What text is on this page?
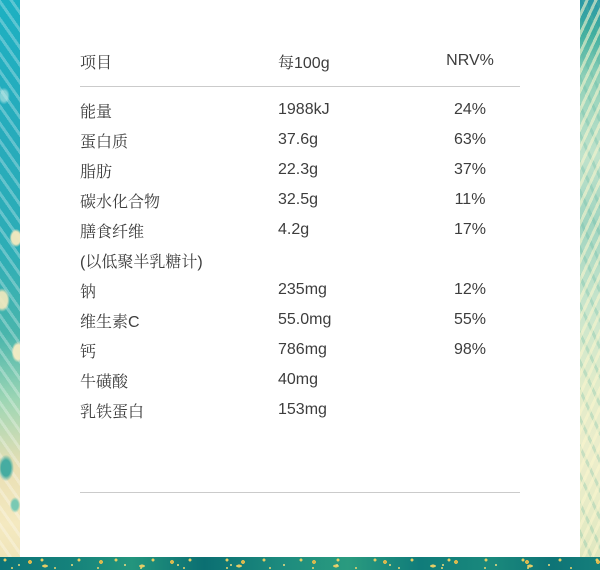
项目	每100g	NRV%
能量	1988kJ	24%
蛋白质	37.6g	63%
脂肪	22.3g	37%
碳水化合物	32.5g	11%
膳食纤维	4.2g	17%
(以低聚半乳糖计)
钠	235mg	12%
维生素C	55.0mg	55%
钙	786mg	98%
牛磺酸	40mg
乳铁蛋白	153mg
